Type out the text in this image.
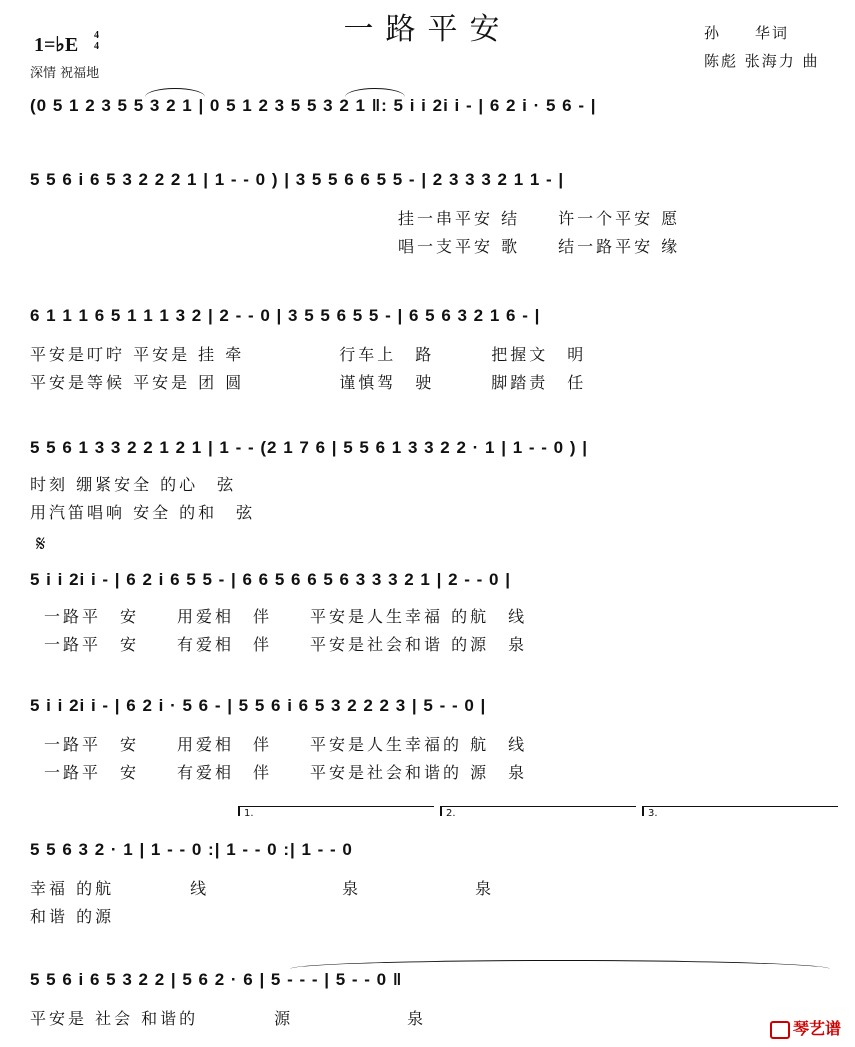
一路平安
1=♭E 4
4
深情 祝福地
孙　　华词
陈彪 张海力 曲
(0 5 1 2 3 5 5 3 2 1 | 0 5 1 2 3 5 5 3 2 1 ‖: 5 i i 2i i - | 6 2 i · 5 6 - |
5 5 6 i 6 5 3 2 2 2 1 | 1 - - 0 ) | 3 5 5 6 6 5 5 - | 2 3 3 3 2 1 1 - |
挂一串平安 结　　许一个平安 愿
唱一支平安 歌　　结一路平安 缘
6 1 1 1 6 5 1 1 1 3 2 | 2 - - 0 | 3 5 5 6 5 5 - | 6 5 6 3 2 1 6 - |
平安是叮咛 平安是 挂 牵　　　　　行车上　路　　　把握文　明
平安是等候 平安是 团 圆　　　　　谨慎驾　驶　　　脚踏责　任
5 5 6 1 3 3 2 2 1 2 1 | 1 - - (2 1 7 6 | 5 5 6 1 3 3 2 2 · 1 | 1 - - 0 ) |
时刻 绷紧安全 的心　弦
用汽笛唱响 安全 的和　弦
𝄋
5 i i 2i i - | 6 2 i 6 5 5 - | 6 6 5 6 6 5 6 3 3 3 2 1 | 2 - - 0 |
一路平　安　　用爱相　伴　　平安是人生幸福 的航　线
一路平　安　　有爱相　伴　　平安是社会和谐 的源　泉
5 i i 2i i - | 6 2 i · 5 6 - | 5 5 6 i 6 5 3 2 2 2 3 | 5 - - 0 |
一路平　安　　用爱相　伴　　平安是人生幸福的 航　线
一路平　安　　有爱相　伴　　平安是社会和谐的 源　泉
1.	2.	3.
5 5 6 3 2 · 1 | 1 - - 0 :| 1 - - 0 :| 1 - - 0
幸福 的航　　　　线　　　　　　　泉　　　　　　泉
和谐 的源
5 5 6 i 6 5 3 2 2 | 5 6 2 · 6 | 5 - - - | 5 - - 0 ‖
平安是 社会 和谐的　　　　源　　　　　　泉
琴艺谱
